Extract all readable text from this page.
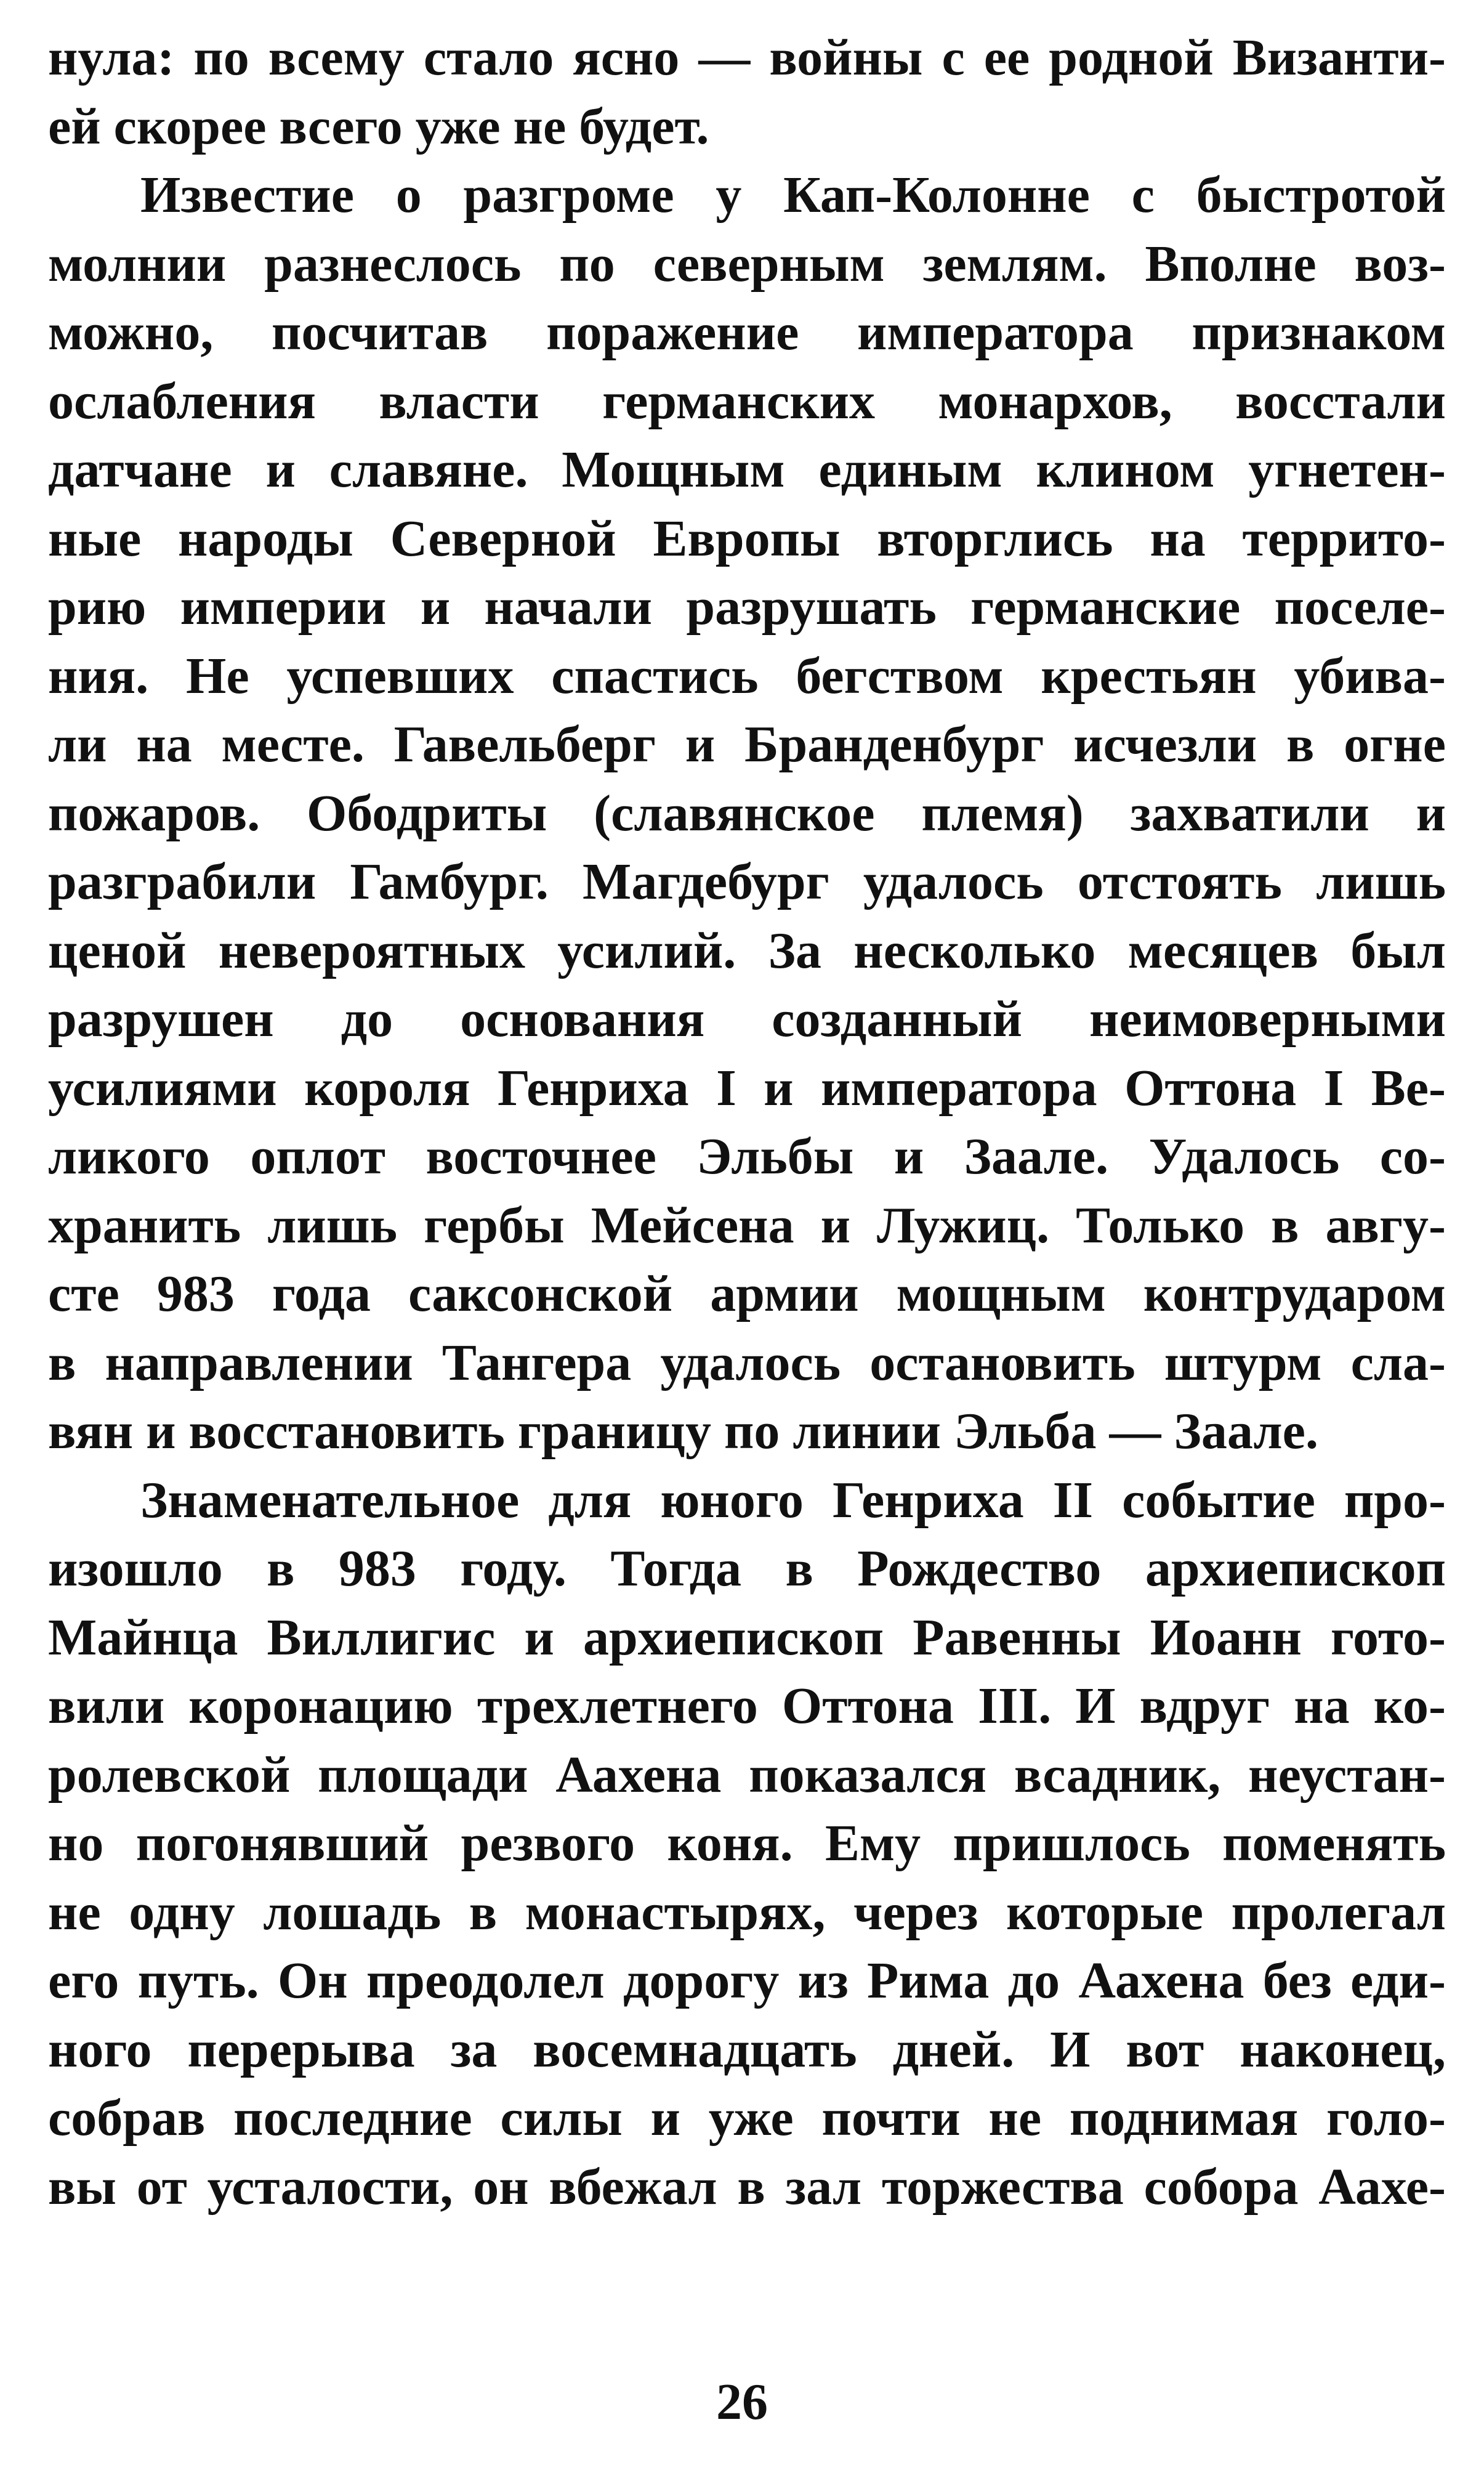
нула: по всему стало ясно — войны с ее родной Византи-
ей скорее всего уже не будет.
Известие о разгроме у Кап-Колонне с быстротой
молнии разнеслось по северным землям. Вполне воз-
можно, посчитав поражение императора признаком
ослабления власти германских монархов, восстали
датчане и славяне. Мощным единым клином угнетен-
ные народы Северной Европы вторглись на террито-
рию империи и начали разрушать германские поселе-
ния. Не успевших спастись бегством крестьян убива-
ли на месте. Гавельберг и Бранденбург исчезли в огне
пожаров. Ободриты (славянское племя) захватили и
разграбили Гамбург. Магдебург удалось отстоять лишь
ценой невероятных усилий. За несколько месяцев был
разрушен до основания созданный неимоверными
усилиями короля Генриха I и императора Оттона I Ве-
ликого оплот восточнее Эльбы и Заале. Удалось со-
хранить лишь гербы Мейсена и Лужиц. Только в авгу-
сте 983 года саксонской армии мощным контрударом
в направлении Тангера удалось остановить штурм сла-
вян и восстановить границу по линии Эльба — Заале.
Знаменательное для юного Генриха II событие про-
изошло в 983 году. Тогда в Рождество архиепископ
Майнца Виллигис и архиепископ Равенны Иоанн гото-
вили коронацию трехлетнего Оттона III. И вдруг на ко-
ролевской площади Аахена показался всадник, неустан-
но погонявший резвого коня. Ему пришлось поменять
не одну лошадь в монастырях, через которые пролегал
его путь. Он преодолел дорогу из Рима до Аахена без еди-
ного перерыва за восемнадцать дней. И вот наконец,
собрав последние силы и уже почти не поднимая голо-
вы от усталости, он вбежал в зал торжества собора Аахе-
26
